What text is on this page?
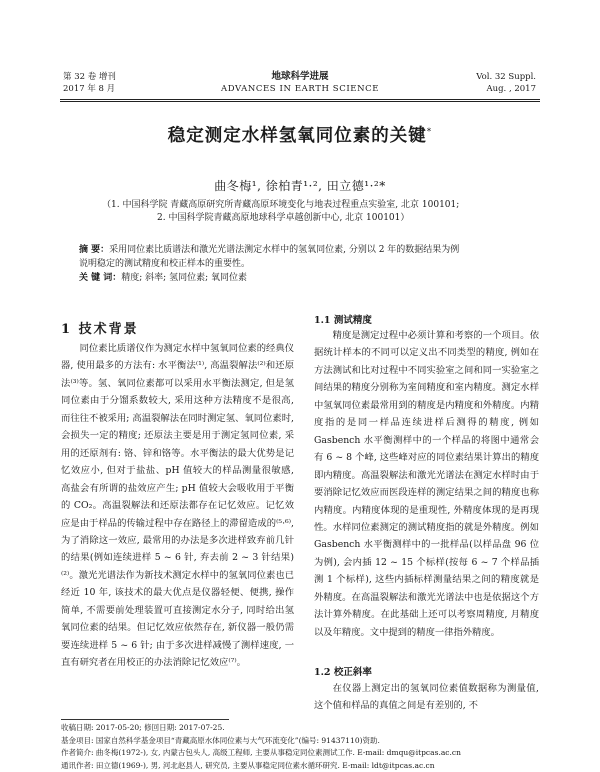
第 32 卷 增刊
2017 年 8 月
地球科学进展
ADVANCES IN EARTH SCIENCE
Vol. 32 Suppl.
Aug. , 2017
稳定测定水样氢氧同位素的关键*
曲冬梅¹, 徐柏青¹·², 田立德¹·²*
（1. 中国科学院 青藏高原研究所青藏高原环境变化与地表过程重点实验室, 北京 100101;
2. 中国科学院青藏高原地球科学卓越创新中心, 北京 100101）
摘 要：采用同位素比质谱法和激光光谱法测定水样中的氢氧同位素, 分别以 2 年的数据结果为例
说明稳定的测试精度和校正样本的重要性。
关 键 词：精度; 斜率; 氢同位素; 氧同位素
1 技术背景

同位素比质谱仪作为测定水样中氢氧同位素的经典仪器, 使用最多的方法有: 水平衡法⁽¹⁾, 高温裂解法⁽²⁾和还原法⁽³⁾等。氢、氧同位素都可以采用水平衡法测定, 但是氢同位素由于分馏系数较大, 采用这种方法精度不是很高, 而往往不被采用; 高温裂解法在同时测定氢、氧同位素时, 会损失一定的精度; 还原法主要是用于测定氢同位素, 采用的还原剂有: 铬、锌和铬等。水平衡法的最大优势是记忆效应小, 但对于盐盐、pH 值较大的样品测量很敏感, 高盐会有所谓的盐效应产生; pH 值较大会吸收用于平衡的 CO₂。高温裂解法和还原法都存在记忆效应。记忆效应是由于样品的传输过程中存在路径上的滞留造成的⁽⁵·⁶⁾, 为了消除这一效应, 最常用的办法是多次进样致弃前几针的结果(例如连续进样 5 ~ 6 针, 弃去前 2 ~ 3 针结果)⁽²⁾。激光光谱法作为新技术测定水样中的氢氧同位素也已经近 10 年, 该技术的最大优点是仪器轻便、便携, 操作简单, 不需要前处理装置可直接测定水分子, 同时给出氢氧同位素的结果。但记忆效应依然存在, 新仪器一般仍需要连续进样 5 ~ 6 针; 由于多次进样减慢了测样速度, 一直有研究者在用校正的办法消除记忆效应⁽⁷⁾。

1.1 测试精度

精度是测定过程中必须计算和考察的一个项目。依据统计样本的不同可以定义出不同类型的精度, 例如在方法测试和比对过程中不同实验室之间和同一实验室之间结果的精度分别称为室间精度和室内精度。测定水样中氢氧同位素最常用到的精度是内精度和外精度。内精度指的是同一样品连续进样后测得的精度, 例如 Gasbench 水平衡测样中的一个样品的将图中通常会有 6 ~ 8 个峰, 这些峰对应的同位素结果计算出的精度即内精度。高温裂解法和激光光谱法在测定水样时由于要消除记忆效应而医段连样的测定结果之间的精度也称内精度。内精度体现的是重现性, 外精度体现的是再现性。水样同位素测定的测试精度指的就是外精度。例如 Gasbench 水平衡测样中的一批样品(以样品盘 96 位为例), 会内插 12 ~ 15 个标样(按每 6 ~ 7 个样品插测 1 个标样), 这些内插标样测量结果之间的精度就是外精度。在高温裂解法和激光光谱法中也是依据这个方法计算外精度。在此基础上还可以考察周精度, 月精度以及年精度。文中提到的精度一律指外精度。

1.2 校正斜率

在仪器上测定出的氢氧同位素值数据称为测量值, 这个值和样品的真值之间是有差别的, 不

收稿日期: 2017-05-20; 修回日期: 2017-07-25.
基金项目: 国家自然科学基金项目“青藏高原水体同位素与大气环流变化”(编号: 91437110)资助.
作者简介: 曲冬梅(1972-), 女, 内蒙古包头人, 高级工程师, 主要从事稳定同位素测试工作. E-mail: dmqu@itpcas.ac.cn
通讯作者: 田立德(1969-), 男, 河北赵县人, 研究员, 主要从事稳定同位素水循环研究. E-mail: ldt@itpcas.ac.cn
